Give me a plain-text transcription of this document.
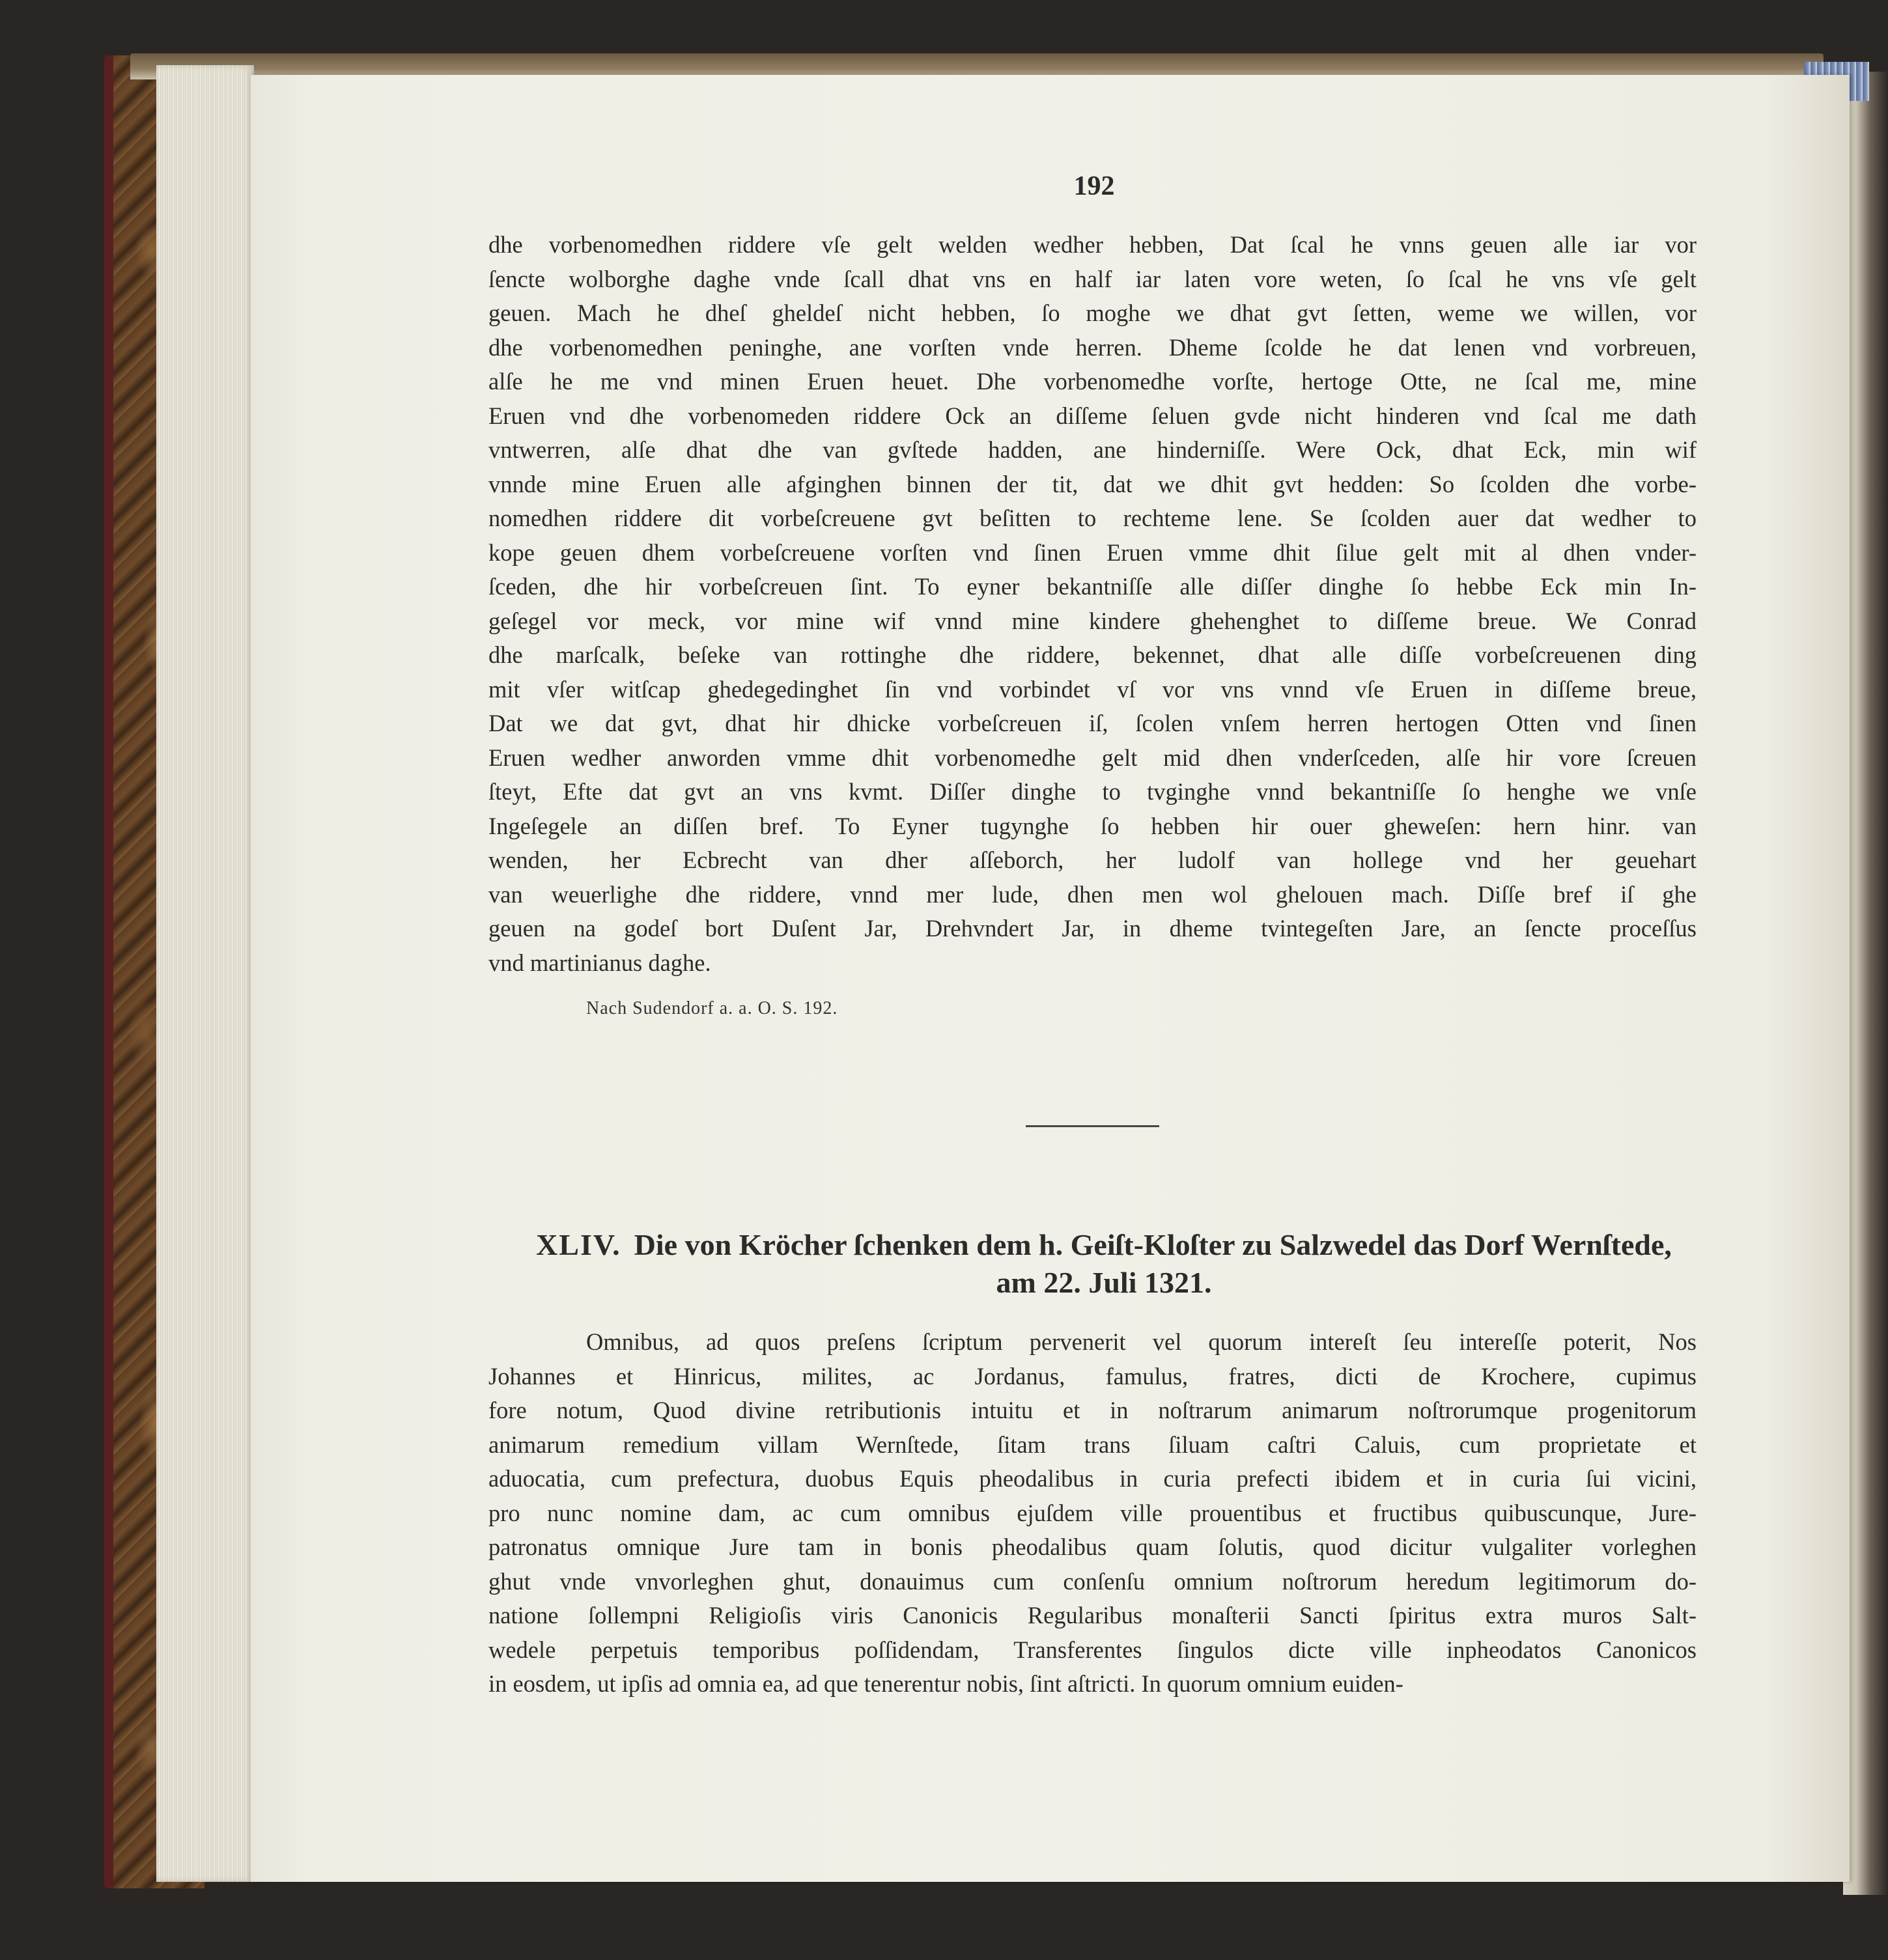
192
dhe vorbenomedhen riddere vſe gelt welden wedher hebben, Dat ſcal he vnns geuen alle iar vor
ſencte wolborghe daghe vnde ſcall dhat vns en half iar laten vore weten, ſo ſcal he vns vſe gelt
geuen. Mach he dheſ gheldeſ nicht hebben, ſo moghe we dhat gvt ſetten, weme we willen, vor
dhe vorbenomedhen peninghe, ane vorſten vnde herren. Dheme ſcolde he dat lenen vnd vorbreuen,
alſe he me vnd minen Eruen heuet. Dhe vorbenomedhe vorſte, hertoge Otte, ne ſcal me, mine
Eruen vnd dhe vorbenomeden riddere Ock an diſſeme ſeluen gvde nicht hinderen vnd ſcal me dath
vntwerren, alſe dhat dhe van gvſtede hadden, ane hinderniſſe. Were Ock, dhat Eck, min wif
vnnde mine Eruen alle afginghen binnen der tit, dat we dhit gvt hedden: So ſcolden dhe vorbe-
nomedhen riddere dit vorbeſcreuene gvt beſitten to rechteme lene. Se ſcolden auer dat wedher to
kope geuen dhem vorbeſcreuene vorſten vnd ſinen Eruen vmme dhit ſilue gelt mit al dhen vnder-
ſceden, dhe hir vorbeſcreuen ſint. To eyner bekantniſſe alle diſſer dinghe ſo hebbe Eck min In-
geſegel vor meck, vor mine wif vnnd mine kindere ghehenghet to diſſeme breue. We Conrad
dhe marſcalk, beſeke van rottinghe dhe riddere, bekennet, dhat alle diſſe vorbeſcreuenen ding
mit vſer witſcap ghedegedinghet ſin vnd vorbindet vſ vor vns vnnd vſe Eruen in diſſeme breue,
Dat we dat gvt, dhat hir dhicke vorbeſcreuen iſ, ſcolen vnſem herren hertogen Otten vnd ſinen
Eruen wedher anworden vmme dhit vorbenomedhe gelt mid dhen vnderſceden, alſe hir vore ſcreuen
ſteyt, Efte dat gvt an vns kvmt. Diſſer dinghe to tvginghe vnnd bekantniſſe ſo henghe we vnſe
Ingeſegele an diſſen bref. To Eyner tugynghe ſo hebben hir ouer gheweſen: hern hinr. van
wenden, her Ecbrecht van dher aſſeborch, her ludolf van hollege vnd her geuehart
van weuerlighe dhe riddere, vnnd mer lude, dhen men wol ghelouen mach. Diſſe bref iſ ghe
geuen na godeſ bort Duſent Jar, Drehvndert Jar, in dheme tvintegeſten Jare, an ſencte proceſſus
vnd martinianus daghe.
Nach Sudendorf a. a. O. S. 192.
XLIV. Die von Kröcher ſchenken dem h. Geiſt-Kloſter zu Salzwedel das Dorf Wernſtede,
am 22. Juli 1321.
Omnibus, ad quos preſens ſcriptum pervenerit vel quorum intereſt ſeu intereſſe poterit, Nos
Johannes et Hinricus, milites, ac Jordanus, famulus, fratres, dicti de Krochere, cupimus
fore notum, Quod divine retributionis intuitu et in noſtrarum animarum noſtrorumque progenitorum
animarum remedium villam Wernſtede, ſitam trans ſiluam caſtri Caluis, cum proprietate et
aduocatia, cum prefectura, duobus Equis pheodalibus in curia prefecti ibidem et in curia ſui vicini,
pro nunc nomine dam, ac cum omnibus ejuſdem ville prouentibus et fructibus quibuscunque, Jure-
patronatus omnique Jure tam in bonis pheodalibus quam ſolutis, quod dicitur vulgaliter vorleghen
ghut vnde vnvorleghen ghut, donauimus cum conſenſu omnium noſtrorum heredum legitimorum do-
natione ſollempni Religioſis viris Canonicis Regularibus monaſterii Sancti ſpiritus extra muros Salt-
wedele perpetuis temporibus poſſidendam, Transferentes ſingulos dicte ville inpheodatos Canonicos
in eosdem, ut ipſis ad omnia ea, ad que tenerentur nobis, ſint aſtricti. In quorum omnium euiden-
